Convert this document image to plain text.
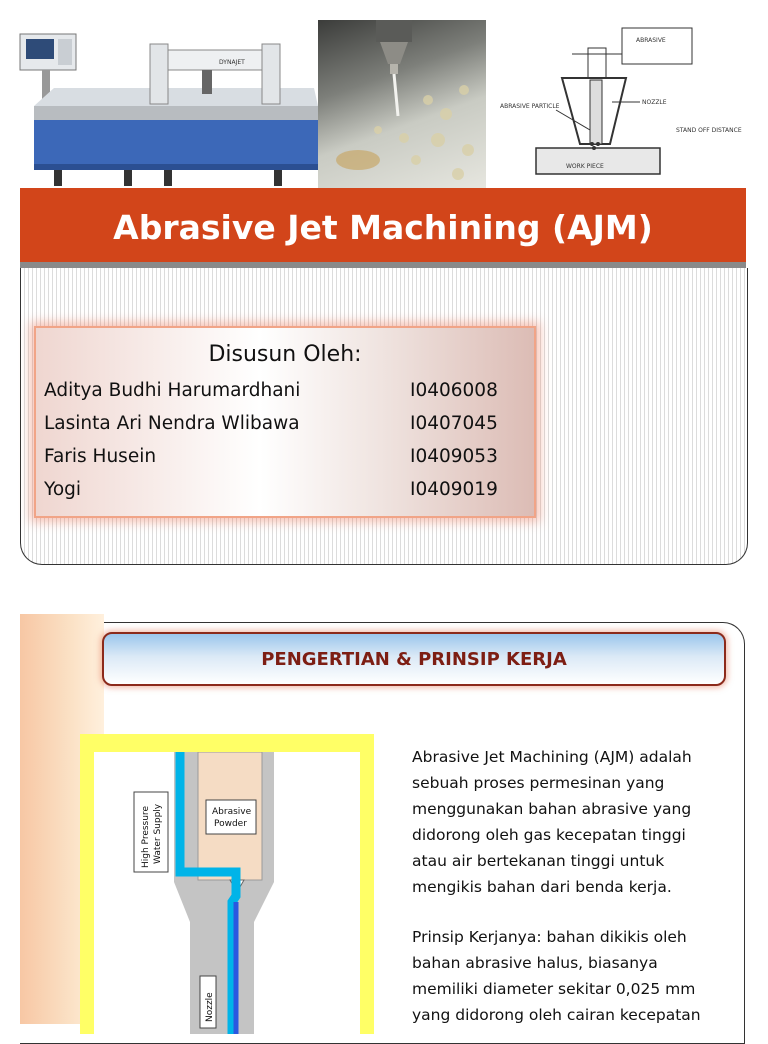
DYNAJET
ABRASIVE
ABRASIVE PARTICLE
NOZZLE
STAND OFF DISTANCE
WORK PIECE
Abrasive Jet Machining (AJM)
Disusun Oleh:
Aditya Budhi Harumardhani	I0406008
Lasinta Ari Nendra Wlibawa	I0407045
Faris Husein	I0409053
Yogi	I0409019
PENGERTIAN & PRINSIP KERJA
High Pressure Water Supply	Abrasive
Powder
Nozzle
Abrasive Jet Machining (AJM) adalah
sebuah proses permesinan yang
menggunakan bahan abrasive yang
didorong oleh gas kecepatan tinggi
atau air bertekanan tinggi untuk
mengikis bahan dari benda kerja.
Prinsip Kerjanya: bahan dikikis oleh
bahan abrasive halus, biasanya
memiliki diameter sekitar 0,025 mm
yang didorong oleh cairan kecepatan
